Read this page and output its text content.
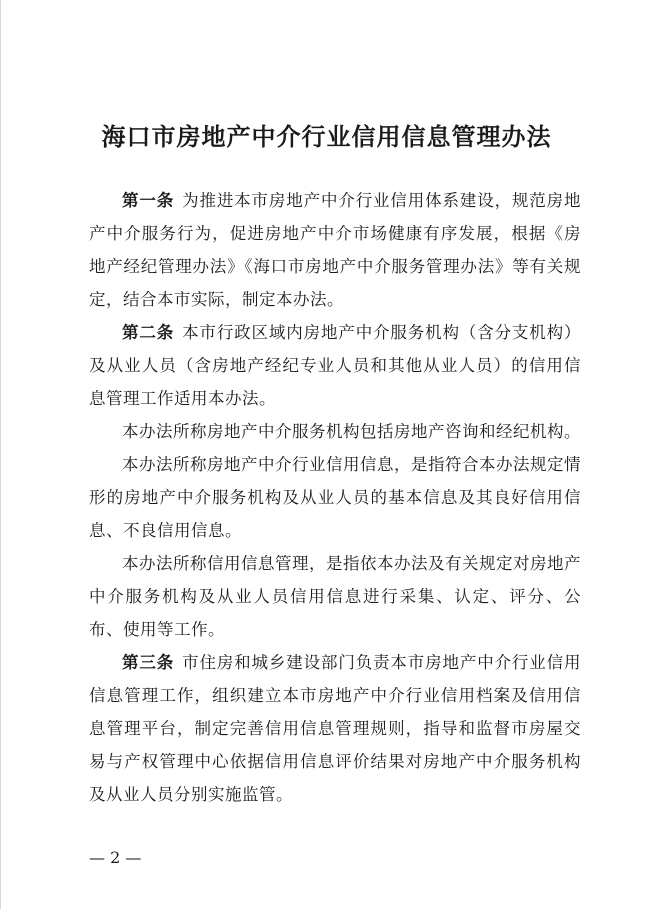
海口市房地产中介行业信用信息管理办法

第一条 为推进本市房地产中介行业信用体系建设，规范房地产中介服务行为，促进房地产中介市场健康有序发展，根据《房地产经纪管理办法》《海口市房地产中介服务管理办法》等有关规定，结合本市实际，制定本办法。

第二条 本市行政区域内房地产中介服务机构（含分支机构）及从业人员（含房地产经纪专业人员和其他从业人员）的信用信息管理工作适用本办法。

本办法所称房地产中介服务机构包括房地产咨询和经纪机构。

本办法所称房地产中介行业信用信息，是指符合本办法规定情形的房地产中介服务机构及从业人员的基本信息及其良好信用信息、不良信用信息。

本办法所称信用信息管理，是指依本办法及有关规定对房地产中介服务机构及从业人员信用信息进行采集、认定、评分、公布、使用等工作。

第三条 市住房和城乡建设部门负责本市房地产中介行业信用信息管理工作，组织建立本市房地产中介行业信用档案及信用信息管理平台，制定完善信用信息管理规则，指导和监督市房屋交易与产权管理中心依据信用信息评价结果对房地产中介服务机构及从业人员分别实施监管。

— 2 —
